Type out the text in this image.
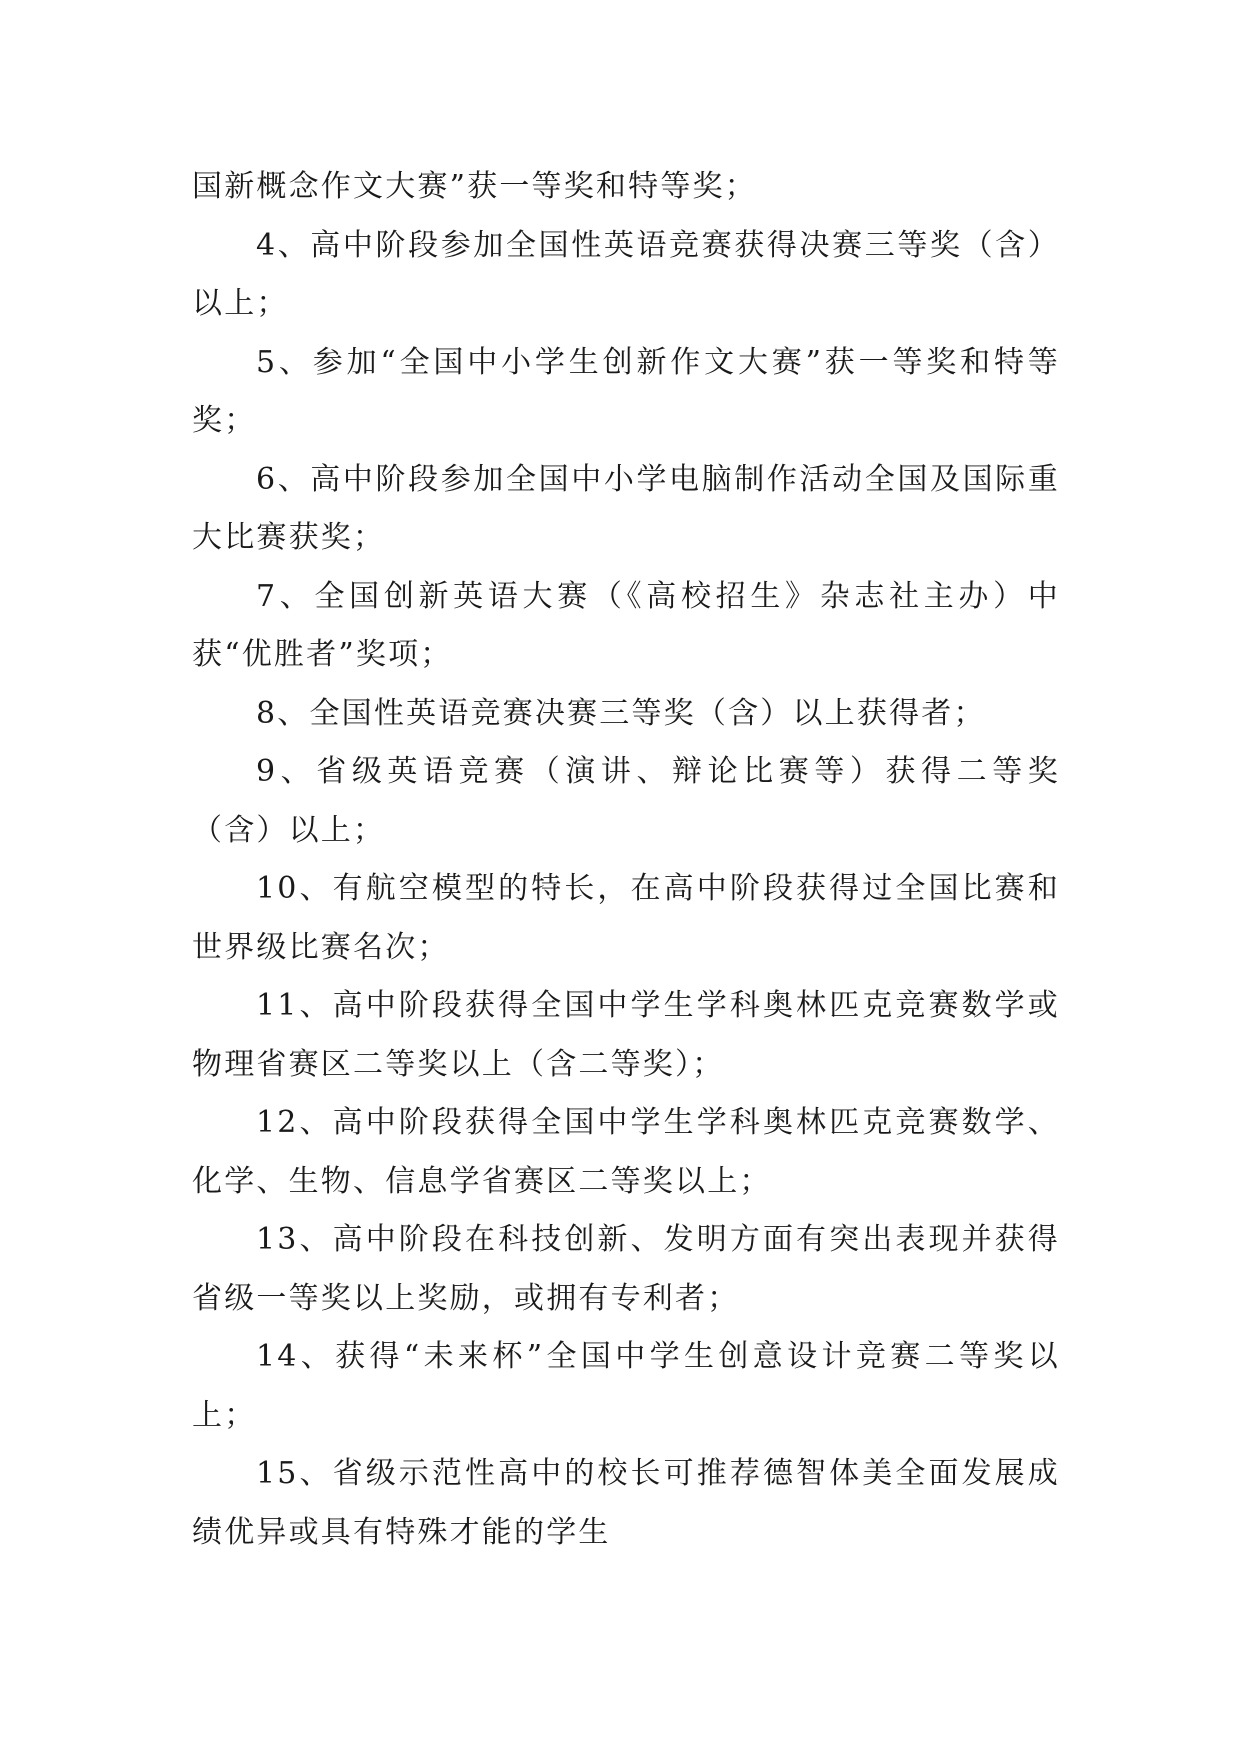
国新概念作文大赛”获一等奖和特等奖；

4、高中阶段参加全国性英语竞赛获得决赛三等奖（含）以上；

5、参加“全国中小学生创新作文大赛”获一等奖和特等奖；

6、高中阶段参加全国中小学电脑制作活动全国及国际重大比赛获奖；

7、全国创新英语大赛（《高校招生》杂志社主办）中获“优胜者”奖项；

8、全国性英语竞赛决赛三等奖（含）以上获得者；

9、省级英语竞赛（演讲、辩论比赛等）获得二等奖（含）以上；

10、有航空模型的特长，在高中阶段获得过全国比赛和世界级比赛名次；

11、高中阶段获得全国中学生学科奥林匹克竞赛数学或物理省赛区二等奖以上（含二等奖）；

12、高中阶段获得全国中学生学科奥林匹克竞赛数学、化学、生物、信息学省赛区二等奖以上；

13、高中阶段在科技创新、发明方面有突出表现并获得省级一等奖以上奖励，或拥有专利者；

14、获得“未来杯”全国中学生创意设计竞赛二等奖以上；

15、省级示范性高中的校长可推荐德智体美全面发展成绩优异或具有特殊才能的学生
